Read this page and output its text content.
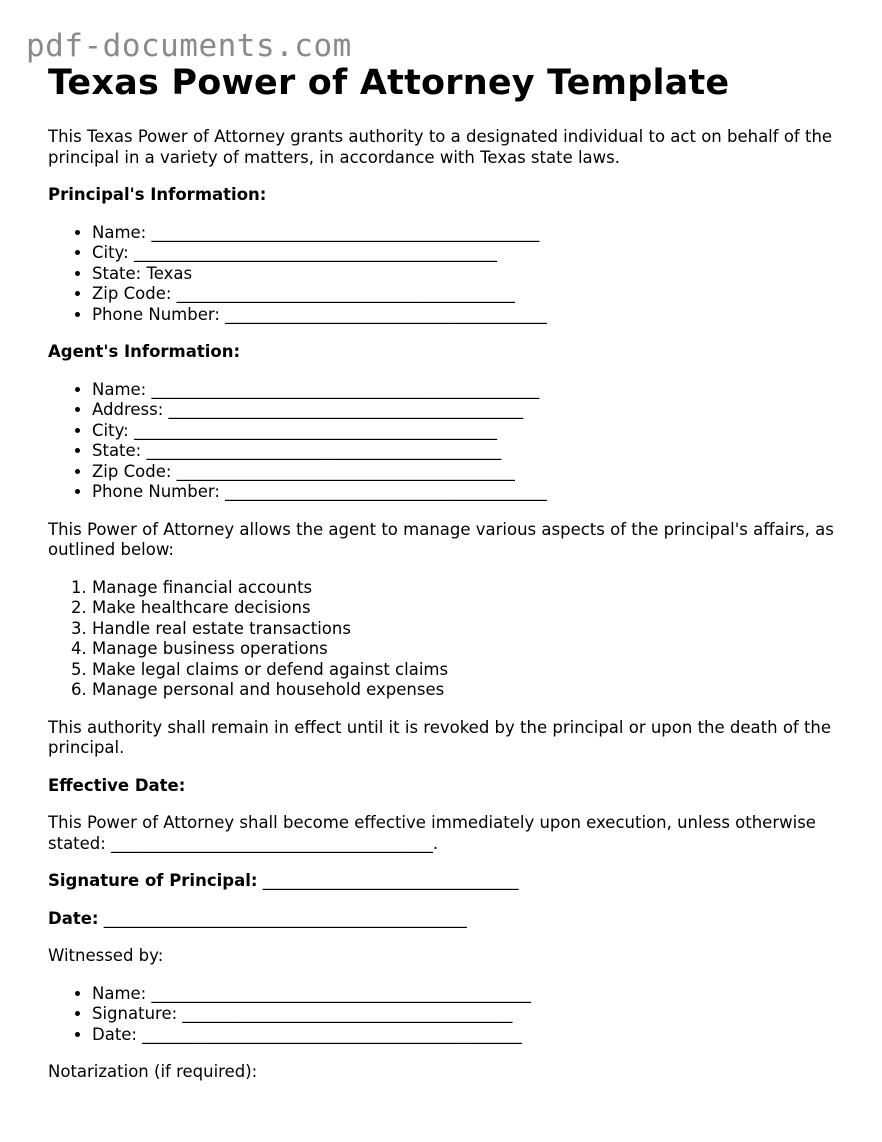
pdf-documents.com
Texas Power of Attorney Template

This Texas Power of Attorney grants authority to a designated individual to act on behalf of the principal in a variety of matters, in accordance with Texas state laws.

Principal's Information:

• Name: _______________________________________________
• City: ____________________________________________
• State: Texas
• Zip Code: _________________________________________
• Phone Number: _______________________________________

Agent's Information:

• Name: _______________________________________________
• Address: ___________________________________________
• City: ____________________________________________
• State: ___________________________________________
• Zip Code: _________________________________________
• Phone Number: _______________________________________

This Power of Attorney allows the agent to manage various aspects of the principal's affairs, as outlined below:

1. Manage financial accounts
2. Make healthcare decisions
3. Handle real estate transactions
4. Manage business operations
5. Make legal claims or defend against claims
6. Manage personal and household expenses

This authority shall remain in effect until it is revoked by the principal or upon the death of the principal.

Effective Date:

This Power of Attorney shall become effective immediately upon execution, unless otherwise stated: _______________________________________.

Signature of Principal: _______________________________

Date: ____________________________________________

Witnessed by:

• Name: ______________________________________________
• Signature: ________________________________________
• Date: ______________________________________________

Notarization (if required):
